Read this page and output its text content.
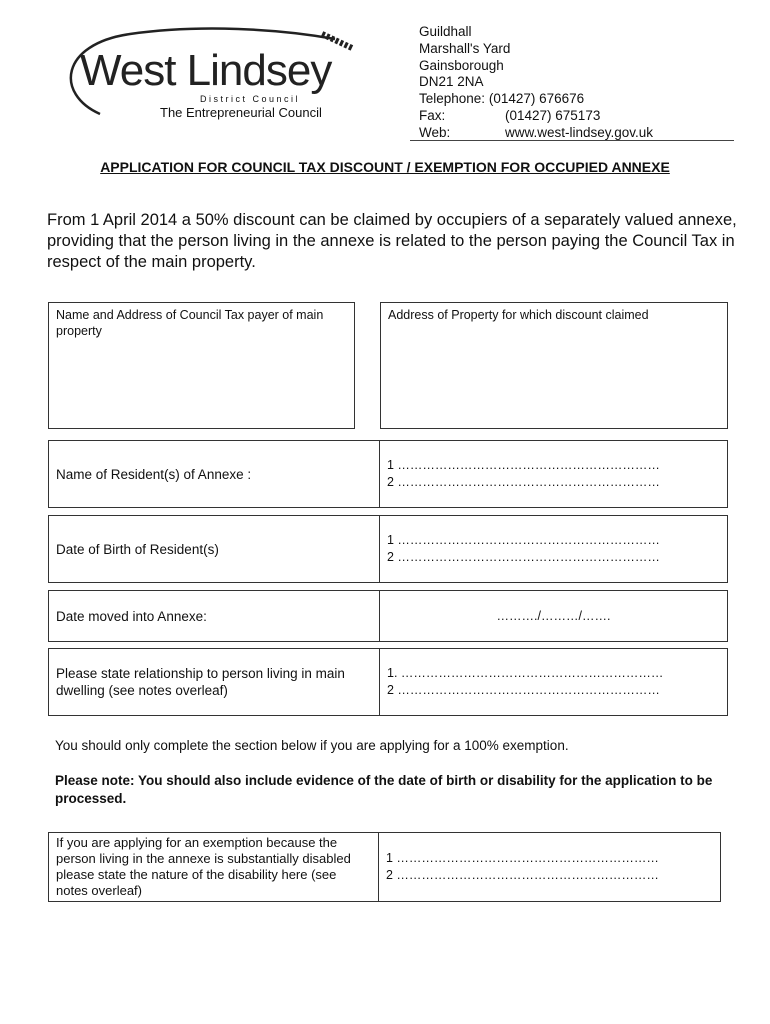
West Lindsey
District Council
The Entrepreneurial Council
Guildhall
Marshall's Yard
Gainsborough
DN21 2NA
Telephone: (01427) 676676
Fax:	(01427) 675173
Web:	www.west-lindsey.gov.uk
APPLICATION FOR COUNCIL TAX DISCOUNT / EXEMPTION FOR OCCUPIED ANNEXE
From 1 April 2014 a 50% discount can be claimed by occupiers of a separately valued annexe, providing that the person living in the annexe is related to the person paying the Council Tax in respect of the main property.
Name and Address of Council Tax payer of main property
Address of Property for which discount claimed
Name of Resident(s) of Annexe :
1 ………………………………………………………
2 ………………………………………………………
Date of Birth of Resident(s)
1 ………………………………………………………
2 ………………………………………………………
Date moved into Annexe:	………./………/…….
Please state relationship to person living in main dwelling (see notes overleaf)
1. ………………………………………………………
2 ………………………………………………………
You should only complete the section below if you are applying for a 100% exemption.
Please note: You should also include evidence of the date of birth or disability for the application to be processed.
If you are applying for an exemption because the person living in the annexe is substantially disabled please state the nature of the disability here (see notes overleaf)
1 ………………………………………………………
2 ………………………………………………………
